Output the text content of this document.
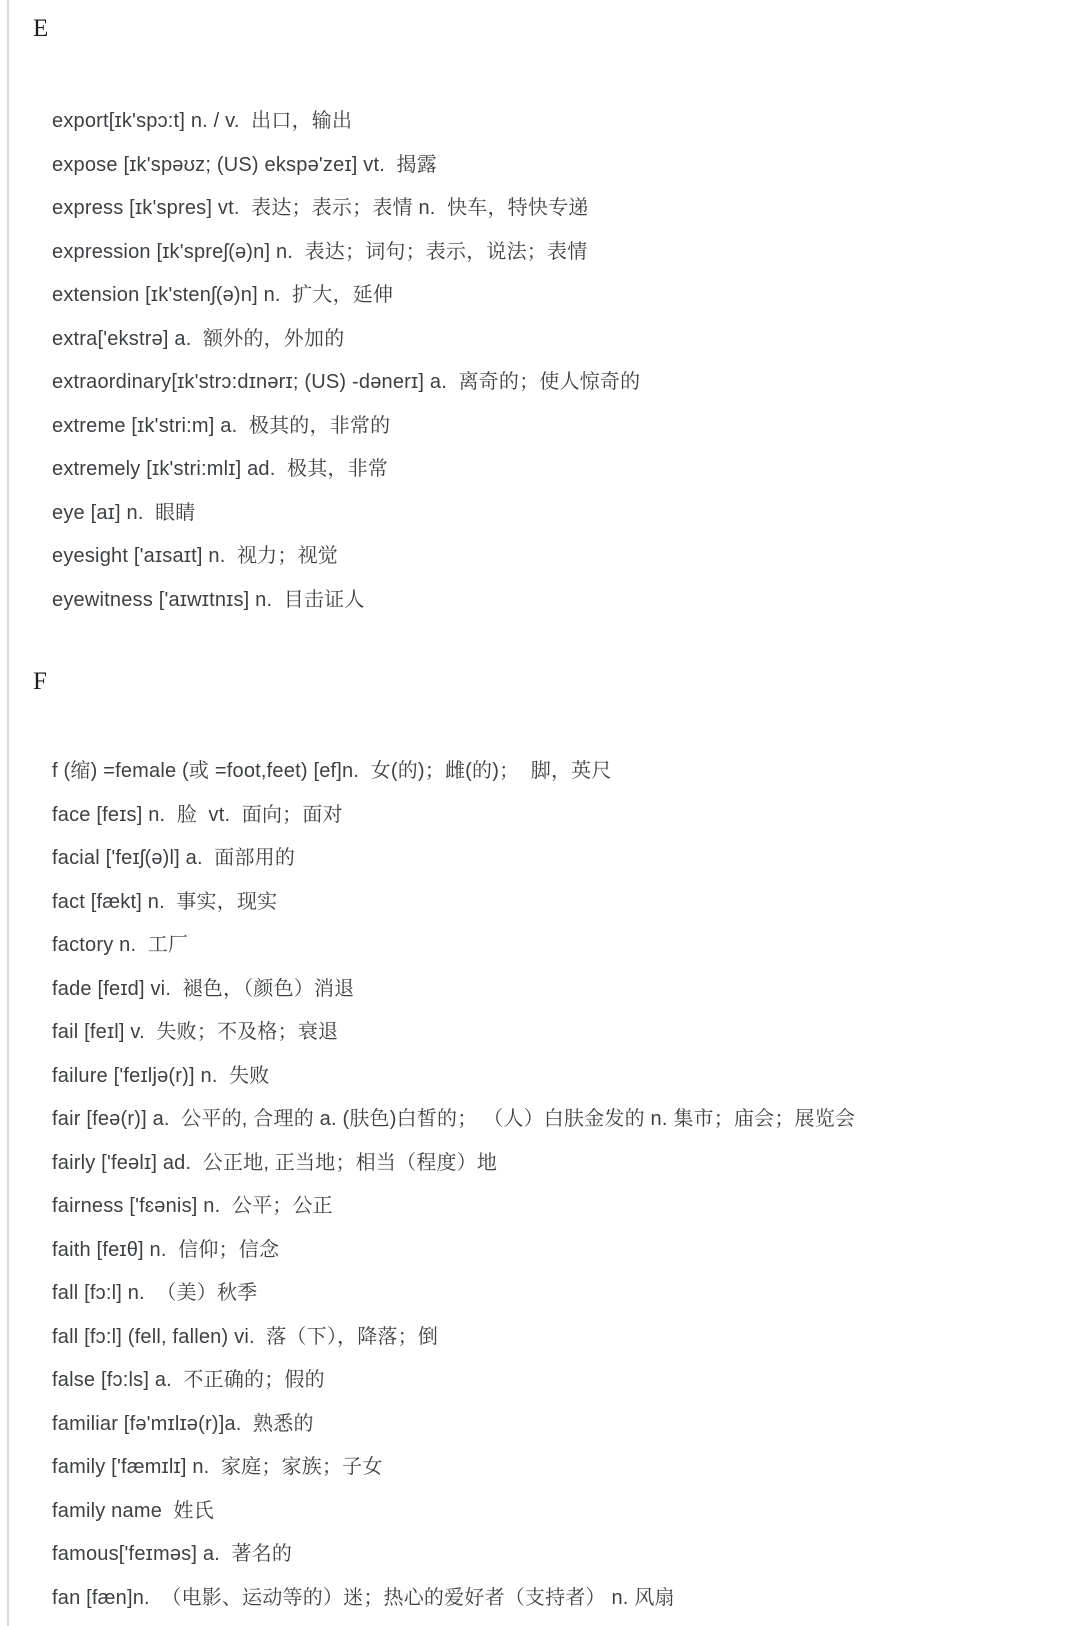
E

export[ɪk'spɔ:t] n. / v.  出口，输出

expose [ɪk'spəʊz; (US) ekspə'zeɪ] vt.  揭露

express [ɪk'spres] vt.  表达；表示；表情 n.  快车，特快专递

expression [ɪk'spreʃ(ə)n] n.  表达；词句；表示，说法；表情

extension [ɪk'stenʃ(ə)n] n.  扩大，延伸

extra['ekstrə] a.  额外的，外加的

extraordinary[ɪk'strɔ:dɪnərɪ; (US) -dənerɪ] a.  离奇的；使人惊奇的

extreme [ɪk'stri:m] a.  极其的，非常的

extremely [ɪk'stri:mlɪ] ad.  极其，非常

eye [aɪ] n.  眼睛

eyesight ['aɪsaɪt] n.  视力；视觉

eyewitness ['aɪwɪtnɪs] n.  目击证人

F

f (缩) =female (或 =foot,feet) [ef]n.  女(的)；雌(的)；  脚，英尺

face [feɪs] n.  脸  vt.  面向；面对

facial ['feɪʃ(ə)l] a.  面部用的

fact [fækt] n.  事实，现实

factory n.  工厂

fade [feɪd] vi.  褪色，（颜色）消退

fail [feɪl] v.  失败；不及格；衰退

failure ['feɪljə(r)] n.  失败

fair [feə(r)] a.  公平的, 合理的 a. (肤色)白皙的； （人）白肤金发的 n. 集市；庙会；展览会

fairly ['feəlɪ] ad.  公正地, 正当地；相当（程度）地

fairness ['fɛənis] n.  公平；公正

faith [feɪθ] n.  信仰；信念

fall [fɔ:l] n.  （美）秋季

fall [fɔ:l] (fell, fallen) vi.  落（下），降落；倒

false [fɔ:ls] a.  不正确的；假的

familiar [fə'mɪlɪə(r)]a.  熟悉的

family ['fæmɪlɪ] n.  家庭；家族；子女

family name  姓氏

famous['feɪməs] a.  著名的

fan [fæn]n.  （电影、运动等的）迷；热心的爱好者（支持者） n. 风扇
